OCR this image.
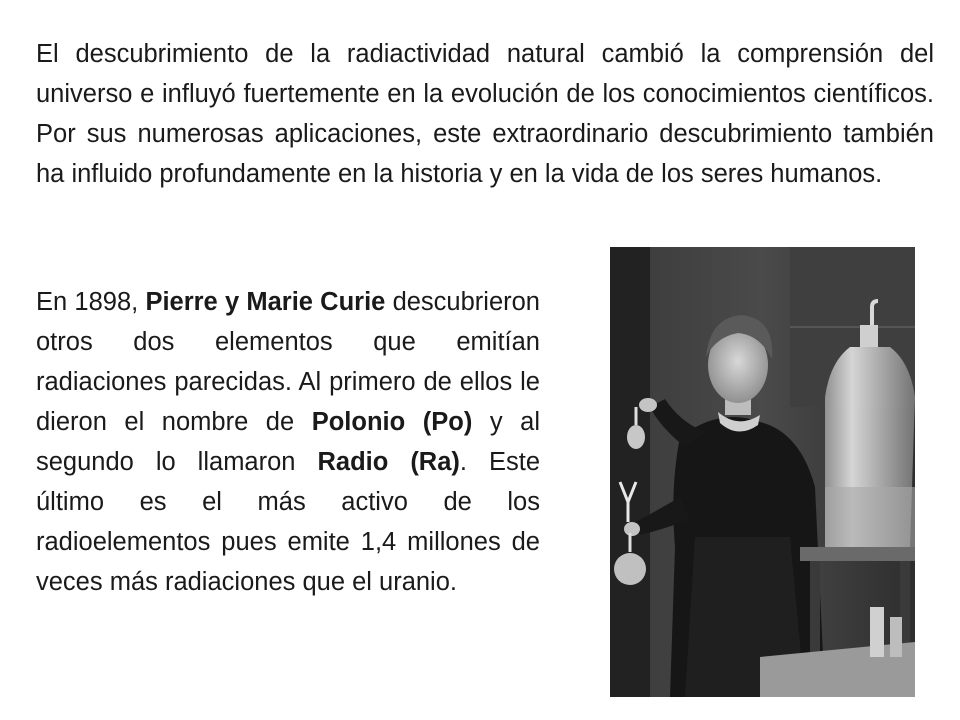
El descubrimiento de la radiactividad natural cambió la comprensión del universo e influyó fuertemente en la evolución de los conocimientos científicos. Por sus numerosas aplicaciones, este extraordinario descubrimiento también ha influido profundamente en la historia y en la vida de los seres humanos.

En 1898, Pierre y Marie Curie descubrieron otros dos elementos que emitían radiaciones parecidas. Al primero de ellos le dieron el nombre de Polonio (Po) y al segundo lo llamaron Radio (Ra). Este último es el más activo de los radioelementos pues emite 1,4 millones de veces más radiaciones que el uranio.
